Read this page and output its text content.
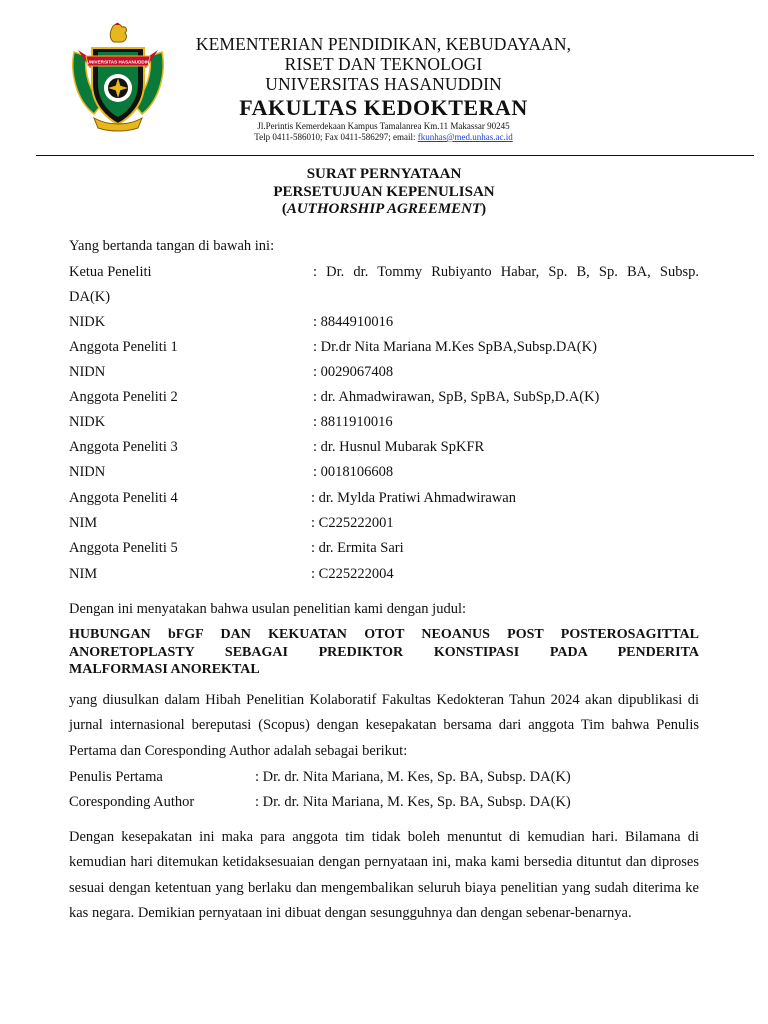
UNIVERSITAS HASANUDDIN
KEMENTERIAN PENDIDIKAN, KEBUDAYAAN,
RISET DAN TEKNOLOGI
UNIVERSITAS HASANUDDIN
FAKULTAS KEDOKTERAN
Jl.Perintis Kemerdekaan Kampus Tamalanrea Km.11 Makassar 90245
Telp 0411-586010; Fax 0411-586297; email: fkunhas@med.unhas.ac.id
SURAT PERNYATAAN
PERSETUJUAN KEPENULISAN
(AUTHORSHIP AGREEMENT)
Yang bertanda tangan di bawah ini:
Ketua Peneliti	: Dr. dr. Tommy Rubiyanto Habar, Sp. B, Sp. BA, Subsp.
DA(K)
NIDK	: 8844910016
Anggota Peneliti 1	: Dr.dr Nita Mariana M.Kes SpBA,Subsp.DA(K)
NIDN	: 0029067408
Anggota Peneliti 2	: dr. Ahmadwirawan, SpB, SpBA, SubSp,D.A(K)
NIDK	: 8811910016
Anggota Peneliti 3	: dr. Husnul Mubarak SpKFR
NIDN	: 0018106608
Anggota Peneliti 4	: dr. Mylda Pratiwi Ahmadwirawan
NIM	: C225222001
Anggota Peneliti 5	: dr. Ermita Sari
NIM	: C225222004
Dengan ini menyatakan bahwa usulan penelitian kami dengan judul:
HUBUNGAN bFGF DAN KEKUATAN OTOT NEOANUS POST POSTEROSAGITTAL
ANORETOPLASTY SEBAGAI PREDIKTOR KONSTIPASI PADA PENDERITA
MALFORMASI ANOREKTAL
yang diusulkan dalam Hibah Penelitian Kolaboratif Fakultas Kedokteran Tahun 2024 akan dipublikasi di jurnal internasional bereputasi (Scopus) dengan kesepakatan bersama dari anggota Tim bahwa Penulis Pertama dan Coresponding Author adalah sebagai berikut:
Penulis Pertama	: Dr. dr. Nita Mariana, M. Kes, Sp. BA, Subsp. DA(K)
Coresponding Author	: Dr. dr. Nita Mariana, M. Kes, Sp. BA, Subsp. DA(K)
Dengan kesepakatan ini maka para anggota tim tidak boleh menuntut di kemudian hari. Bilamana di kemudian hari ditemukan ketidaksesuaian dengan pernyataan ini, maka kami bersedia dituntut dan diproses sesuai dengan ketentuan yang berlaku dan mengembalikan seluruh biaya penelitian yang sudah diterima ke kas negara. Demikian pernyataan ini dibuat dengan sesungguhnya dan dengan sebenar-benarnya.
